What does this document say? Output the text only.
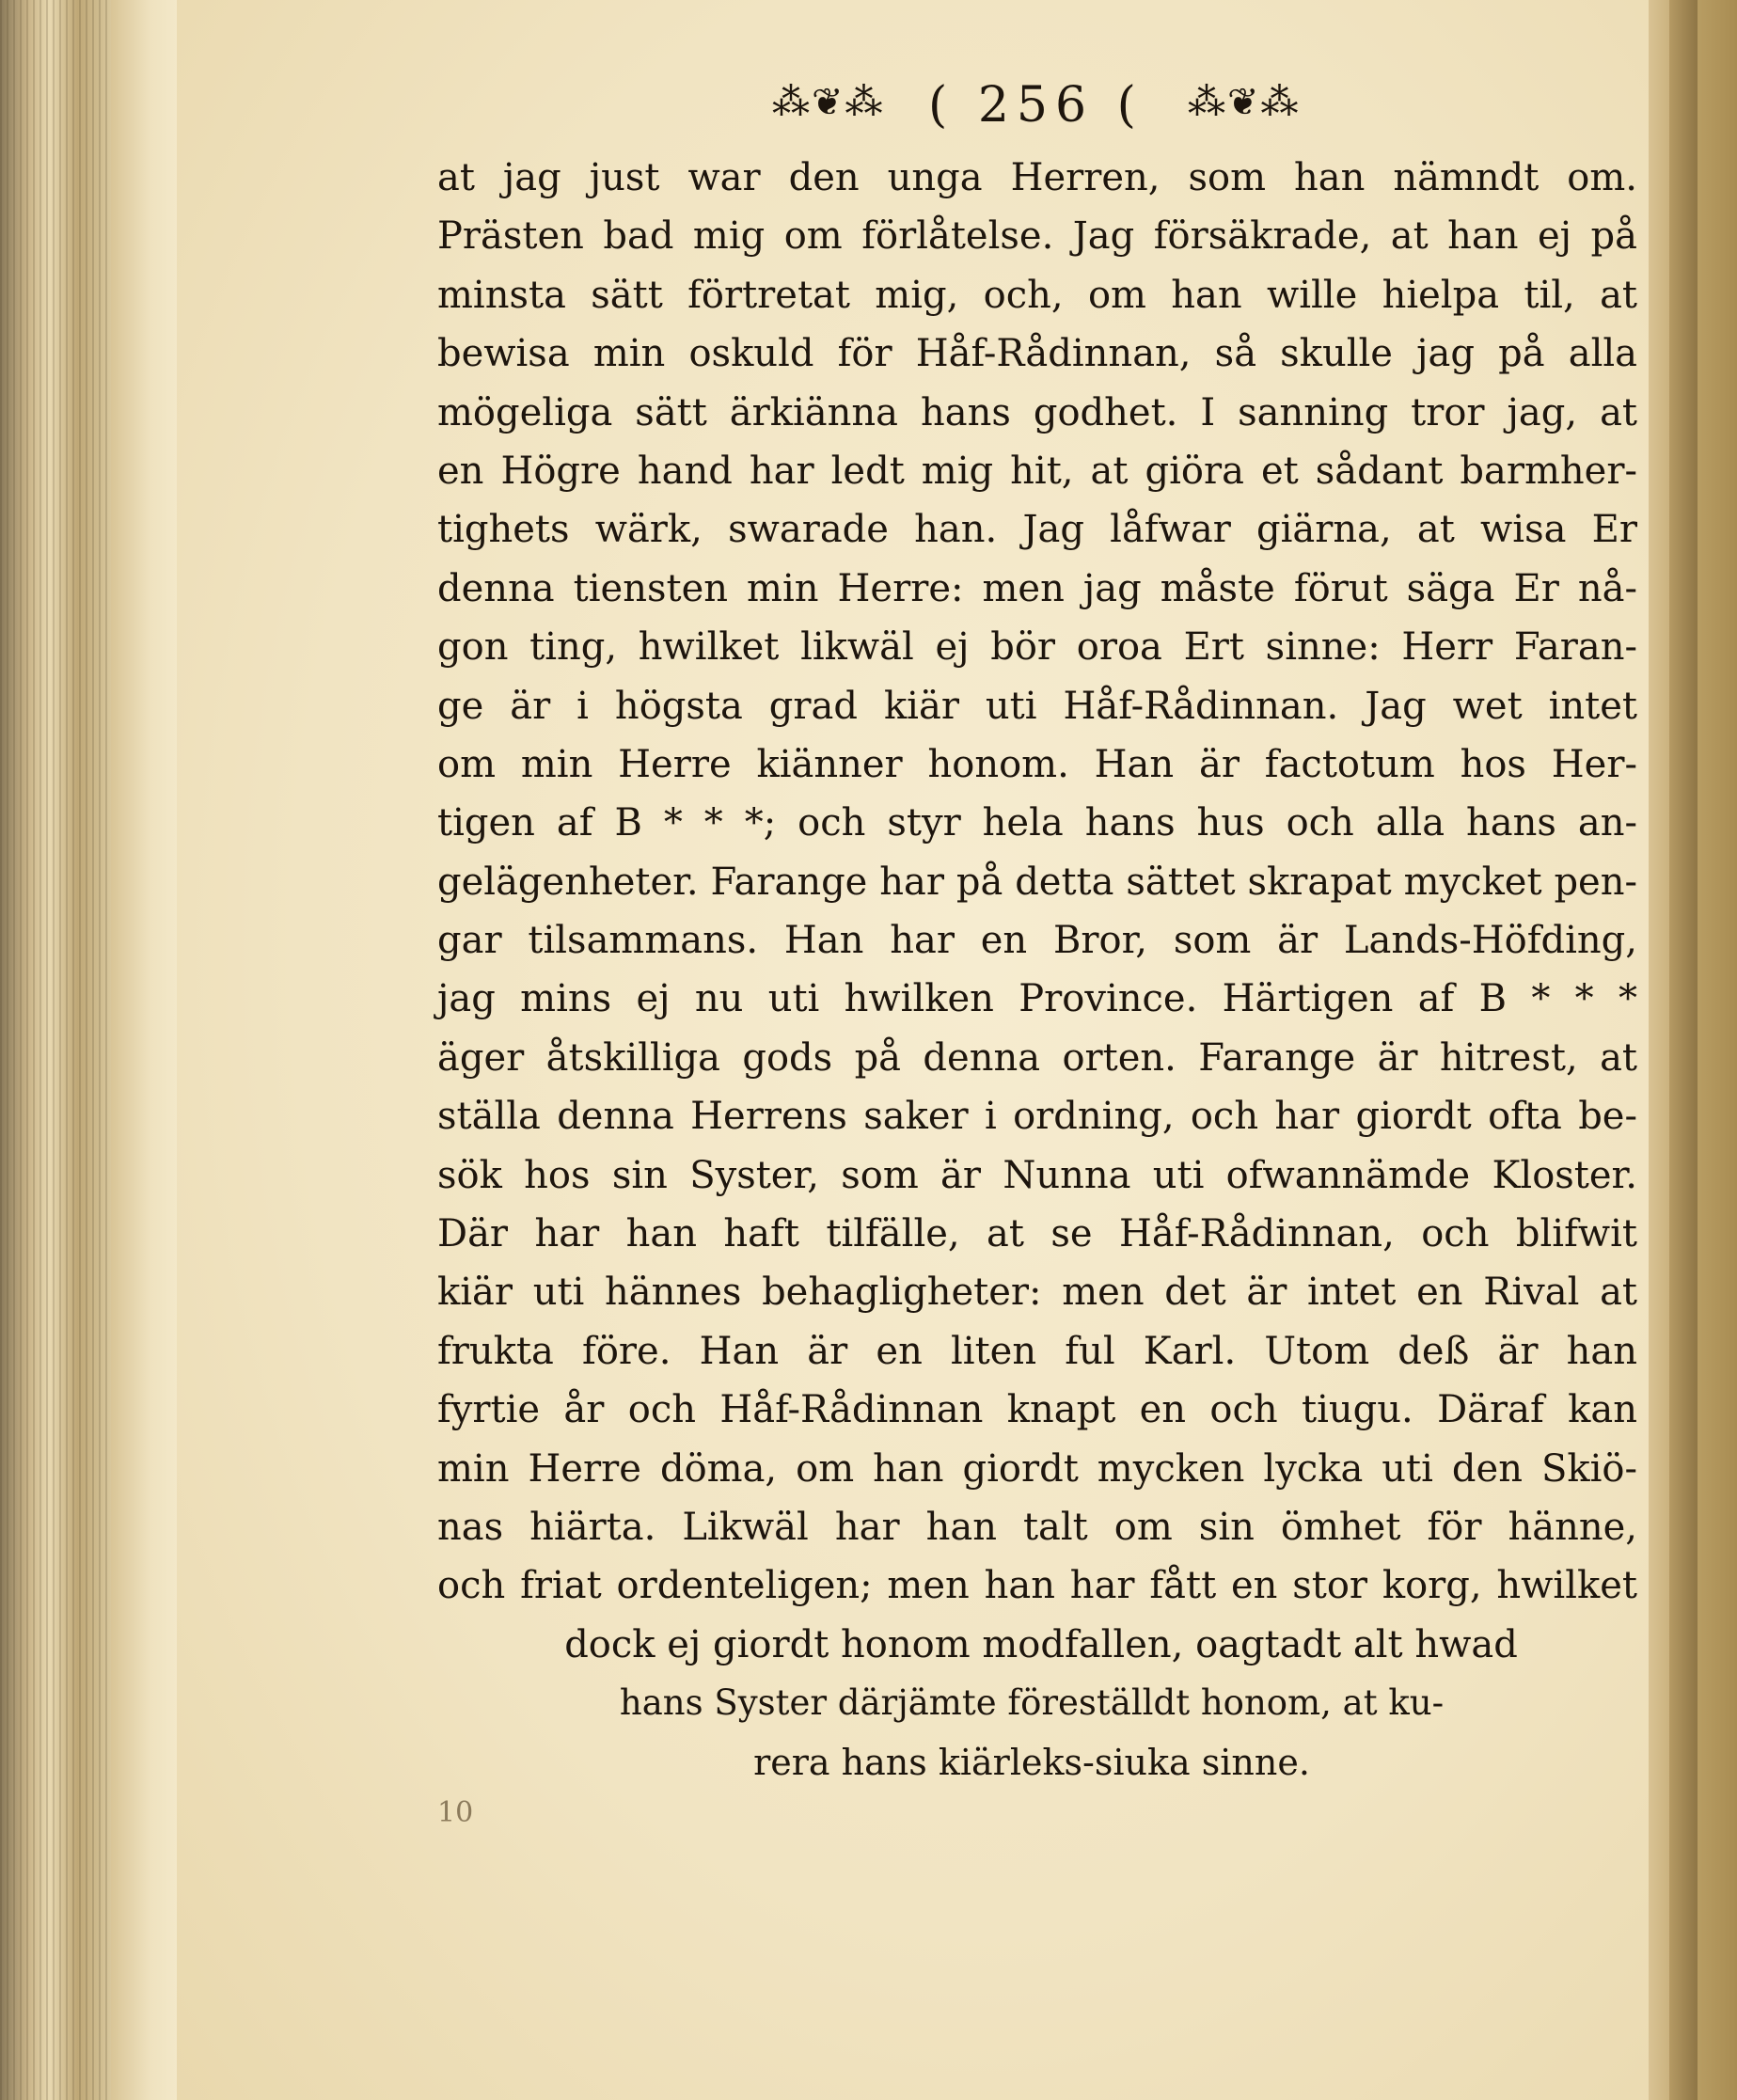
⁂❦⁂ ( 256 ( ⁂❦⁂
at jag just war den unga Herren, som han nämndt om.
Prästen bad mig om förlåtelse. Jag försäkrade, at han ej på
minsta sätt förtretat mig, och, om han wille hielpa til, at
bewisa min oskuld för Håf-Rådinnan, så skulle jag på alla
mögeliga sätt ärkiänna hans godhet. I sanning tror jag, at
en Högre hand har ledt mig hit, at giöra et sådant barmher-
tighets wärk, swarade han. Jag låfwar giärna, at wisa Er
denna tiensten min Herre: men jag måste förut säga Er nå-
gon ting, hwilket likwäl ej bör oroa Ert sinne: Herr Faran-
ge är i högsta grad kiär uti Håf-Rådinnan. Jag wet intet
om min Herre kiänner honom. Han är factotum hos Her-
tigen af B * * *; och styr hela hans hus och alla hans an-
gelägenheter. Farange har på detta sättet skrapat mycket pen-
gar tilsammans. Han har en Bror, som är Lands-Höfding,
jag mins ej nu uti hwilken Province. Härtigen af B * * *
äger åtskilliga gods på denna orten. Farange är hitrest, at
ställa denna Herrens saker i ordning, och har giordt ofta be-
sök hos sin Syster, som är Nunna uti ofwannämde Kloster.
Där har han haft tilfälle, at se Håf-Rådinnan, och blifwit
kiär uti hännes behagligheter: men det är intet en Rival at
frukta före. Han är en liten ful Karl. Utom deß är han
fyrtie år och Håf-Rådinnan knapt en och tiugu. Däraf kan
min Herre döma, om han giordt mycken lycka uti den Skiö-
nas hiärta. Likwäl har han talt om sin ömhet för hänne,
och friat ordenteligen; men han har fått en stor korg, hwilket
dock ej giordt honom modfallen, oagtadt alt hwad
hans Syster därjämte föreställdt honom, at ku-
rera hans kiärleks-siuka sinne.
10
